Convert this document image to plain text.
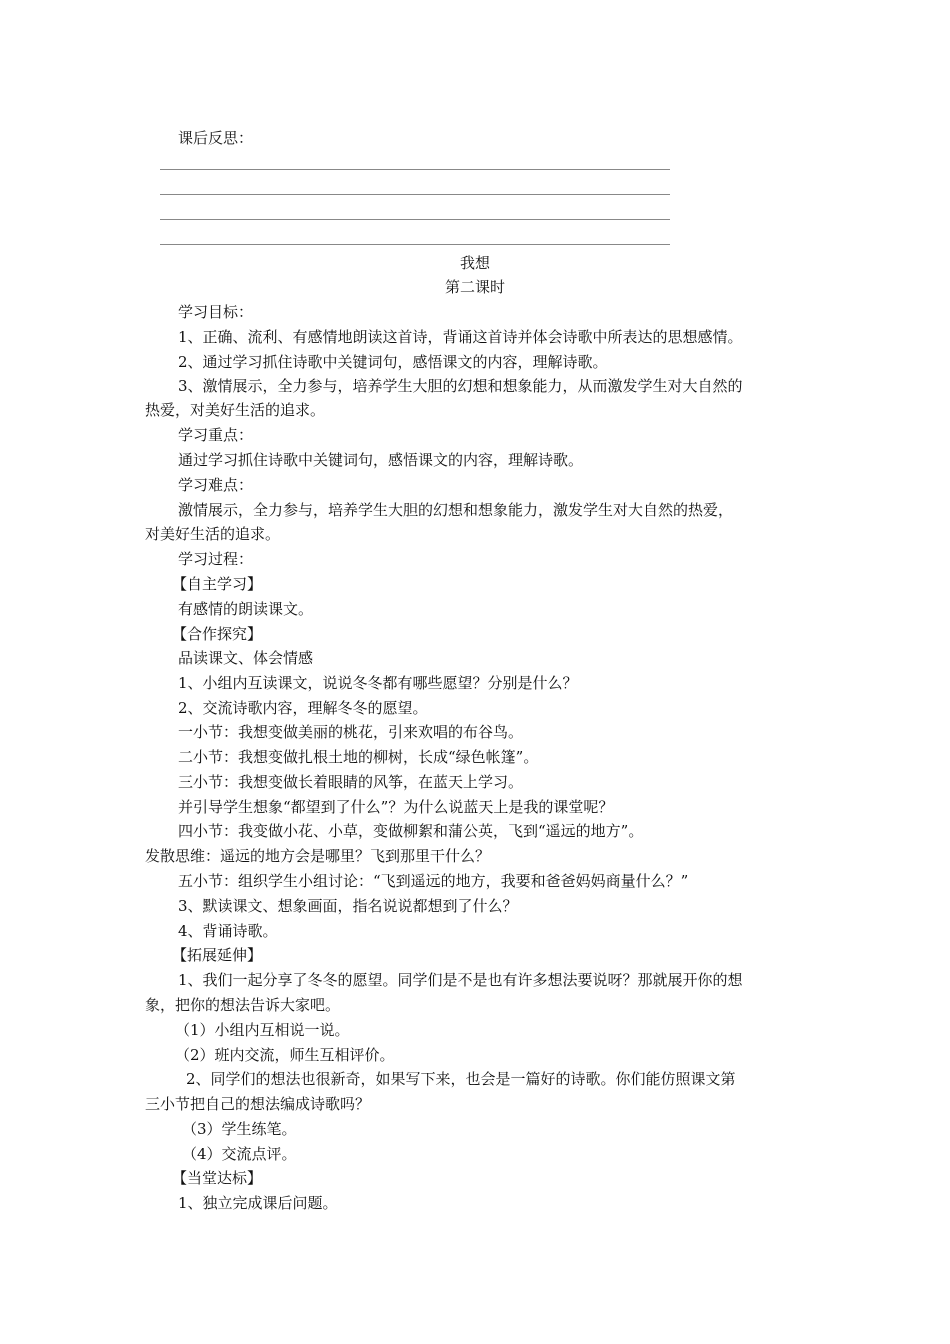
课后反思：
我想
第二课时
学习目标：
1、正确、流利、有感情地朗读这首诗，背诵这首诗并体会诗歌中所表达的思想感情。
2、通过学习抓住诗歌中关键词句，感悟课文的内容，理解诗歌。
3、激情展示，全力参与，培养学生大胆的幻想和想象能力，从而激发学生对大自然的
热爱，对美好生活的追求。
学习重点：
通过学习抓住诗歌中关键词句，感悟课文的内容，理解诗歌。
学习难点：
激情展示，全力参与，培养学生大胆的幻想和想象能力，激发学生对大自然的热爱，
对美好生活的追求。
学习过程：
【自主学习】
有感情的朗读课文。
【合作探究】
品读课文、体会情感
1、小组内互读课文，说说冬冬都有哪些愿望？分别是什么？
2、交流诗歌内容，理解冬冬的愿望。
一小节：我想变做美丽的桃花，引来欢唱的布谷鸟。
二小节：我想变做扎根土地的柳树，长成“绿色帐篷”。
三小节：我想变做长着眼睛的风筝，在蓝天上学习。
并引导学生想象“都望到了什么”？为什么说蓝天上是我的课堂呢？
四小节：我变做小花、小草，变做柳絮和蒲公英，飞到“遥远的地方”。
发散思维：遥远的地方会是哪里？飞到那里干什么？
五小节：组织学生小组讨论：“飞到遥远的地方，我要和爸爸妈妈商量什么？”
3、默读课文、想象画面，指名说说都想到了什么？
4、背诵诗歌。
【拓展延伸】
1、我们一起分享了冬冬的愿望。同学们是不是也有许多想法要说呀？那就展开你的想
象，把你的想法告诉大家吧。
（1）小组内互相说一说。
（2）班内交流，师生互相评价。
2、同学们的想法也很新奇，如果写下来，也会是一篇好的诗歌。你们能仿照课文第
三小节把自己的想法编成诗歌吗？
（3）学生练笔。
（4）交流点评。
【当堂达标】
1、独立完成课后问题。
